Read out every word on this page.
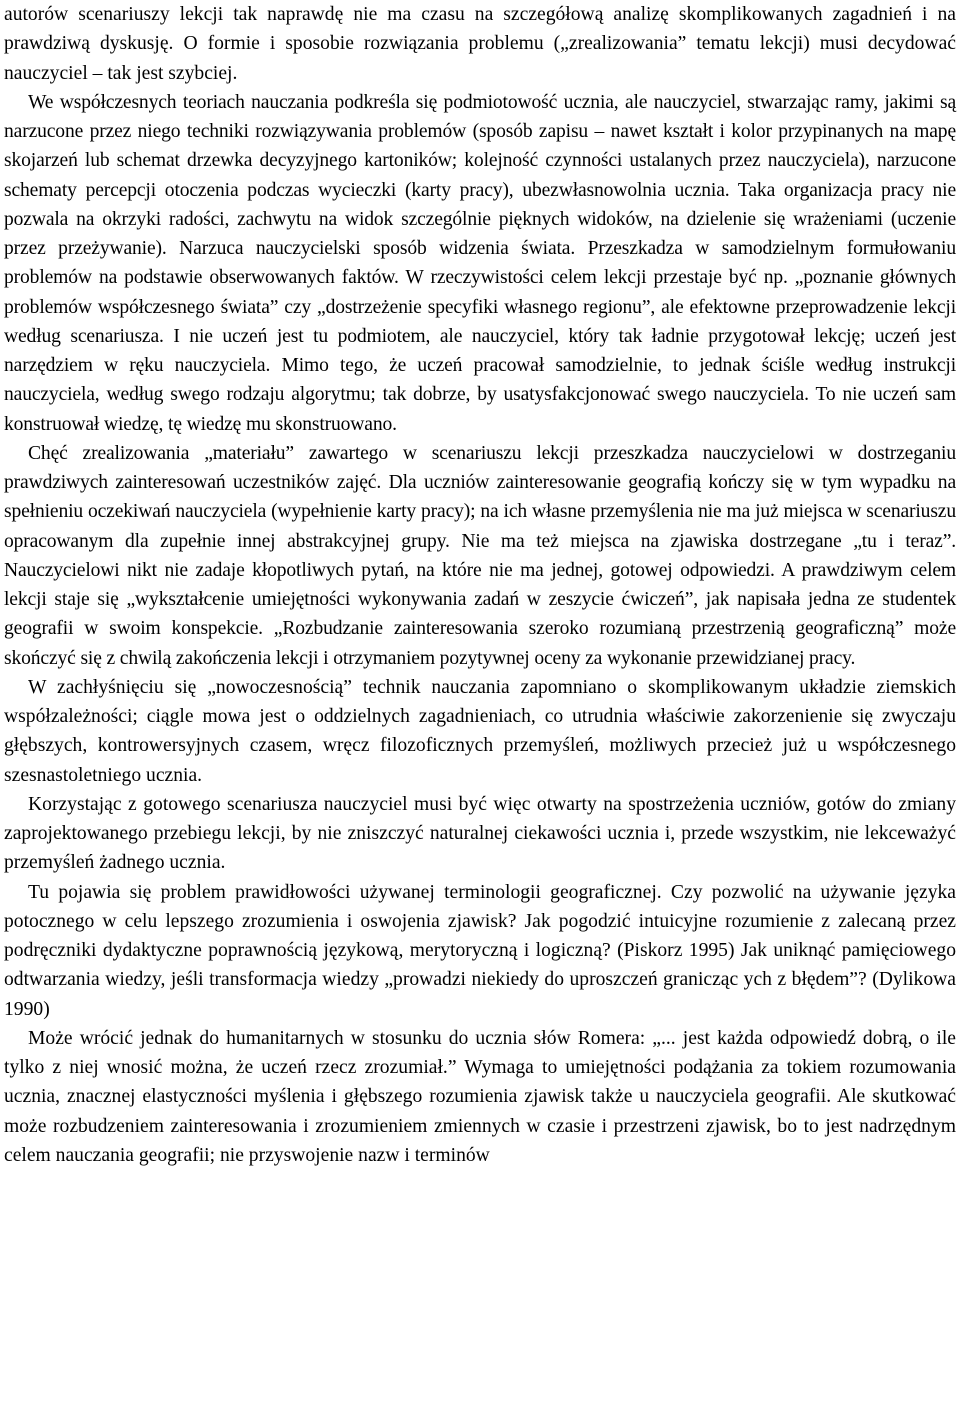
autorów scenariuszy lekcji tak naprawdę nie ma czasu na szczegółową analizę skomplikowanych zagadnień i na prawdziwą dyskusję. O formie i sposobie rozwiązania problemu („zrealizowania” tematu lekcji) musi decydować nauczyciel – tak jest szybciej.

We współczesnych teoriach nauczania podkreśla się podmiotowość ucznia, ale nauczyciel, stwarzając ramy, jakimi są narzucone przez niego techniki rozwiązywania problemów (sposób zapisu – nawet kształt i kolor przypinanych na mapę skojarzeń lub schemat drzewka decyzyjnego kartoników; kolejność czynności ustalanych przez nauczyciela), narzucone schematy percepcji otoczenia podczas wycieczki (karty pracy), ubezwłasnowolnia ucznia. Taka organizacja pracy nie pozwala na okrzyki radości, zachwytu na widok szczególnie pięknych widoków, na dzielenie się wrażeniami (uczenie przez przeżywanie). Narzuca nauczycielski sposób widzenia świata. Przeszkadza w samodzielnym formułowaniu problemów na podstawie obserwowanych faktów. W rzeczywistości celem lekcji przestaje być np. „poznanie głównych problemów współczesnego świata” czy „dostrzeżenie specyfiki własnego regionu”, ale efektowne przeprowadzenie lekcji według scenariusza. I nie uczeń jest tu podmiotem, ale nauczyciel, który tak ładnie przygotował lekcję; uczeń jest narzędziem w ręku nauczyciela. Mimo tego, że uczeń pracował samodzielnie, to jednak ściśle według instrukcji nauczyciela, według swego rodzaju algorytmu; tak dobrze, by usatysfakcjonować swego nauczyciela. To nie uczeń sam konstruował wiedzę, tę wiedzę mu skonstruowano.

Chęć zrealizowania „materiału” zawartego w scenariuszu lekcji przeszkadza nauczycielowi w dostrzeganiu prawdziwych zainteresowań uczestników zajęć. Dla uczniów zainteresowanie geografią kończy się w tym wypadku na spełnieniu oczekiwań nauczyciela (wypełnienie karty pracy); na ich własne przemyślenia nie ma już miejsca w scenariuszu opracowanym dla zupełnie innej abstrakcyjnej grupy. Nie ma też miejsca na zjawiska dostrzegane „tu i teraz”. Nauczycielowi nikt nie zadaje kłopotliwych pytań, na które nie ma jednej, gotowej odpowiedzi. A prawdziwym celem lekcji staje się „wykształcenie umiejętności wykonywania zadań w zeszycie ćwiczeń”, jak napisała jedna ze studentek geografii w swoim konspekcie. „Rozbudzanie zainteresowania szeroko rozumianą przestrzenią geograficzną” może skończyć się z chwilą zakończenia lekcji i otrzymaniem pozytywnej oceny za wykonanie przewidzianej pracy.

W zachłyśnięciu się „nowoczesnością” technik nauczania zapomniano o skomplikowanym układzie ziemskich współzależności; ciągle mowa jest o oddzielnych zagadnieniach, co utrudnia właściwie zakorzenienie się zwyczaju głębszych, kontrowersyjnych czasem, wręcz filozoficznych przemyśleń, możliwych przecież już u współczesnego szesnastoletniego ucznia.

Korzystając z gotowego scenariusza nauczyciel musi być więc otwarty na spostrzeżenia uczniów, gotów do zmiany zaprojektowanego przebiegu lekcji, by nie zniszczyć naturalnej ciekawości ucznia i, przede wszystkim, nie lekceważyć przemyśleń żadnego ucznia.

Tu pojawia się problem prawidłowości używanej terminologii geograficznej. Czy pozwolić na używanie języka potocznego w celu lepszego zrozumienia i oswojenia zjawisk? Jak pogodzić intuicyjne rozumienie z zalecaną przez podręczniki dydaktyczne poprawnością językową, merytoryczną i logiczną? (Piskorz 1995) Jak uniknąć pamięciowego odtwarzania wiedzy, jeśli transformacja wiedzy „prowadzi niekiedy do uproszczeń granicząc ych z błędem”? (Dylikowa 1990)

Może wrócić jednak do humanitarnych w stosunku do ucznia słów Romera: „... jest każda odpowiedź dobrą, o ile tylko z niej wnosić można, że uczeń rzecz zrozumiał.” Wymaga to umiejętności podążania za tokiem rozumowania ucznia, znacznej elastyczności myślenia i głębszego rozumienia zjawisk także u nauczyciela geografii. Ale skutkować może rozbudzeniem zainteresowania i zrozumieniem zmiennych w czasie i przestrzeni zjawisk, bo to jest nadrzędnym celem nauczania geografii; nie przyswojenie nazw i terminów
